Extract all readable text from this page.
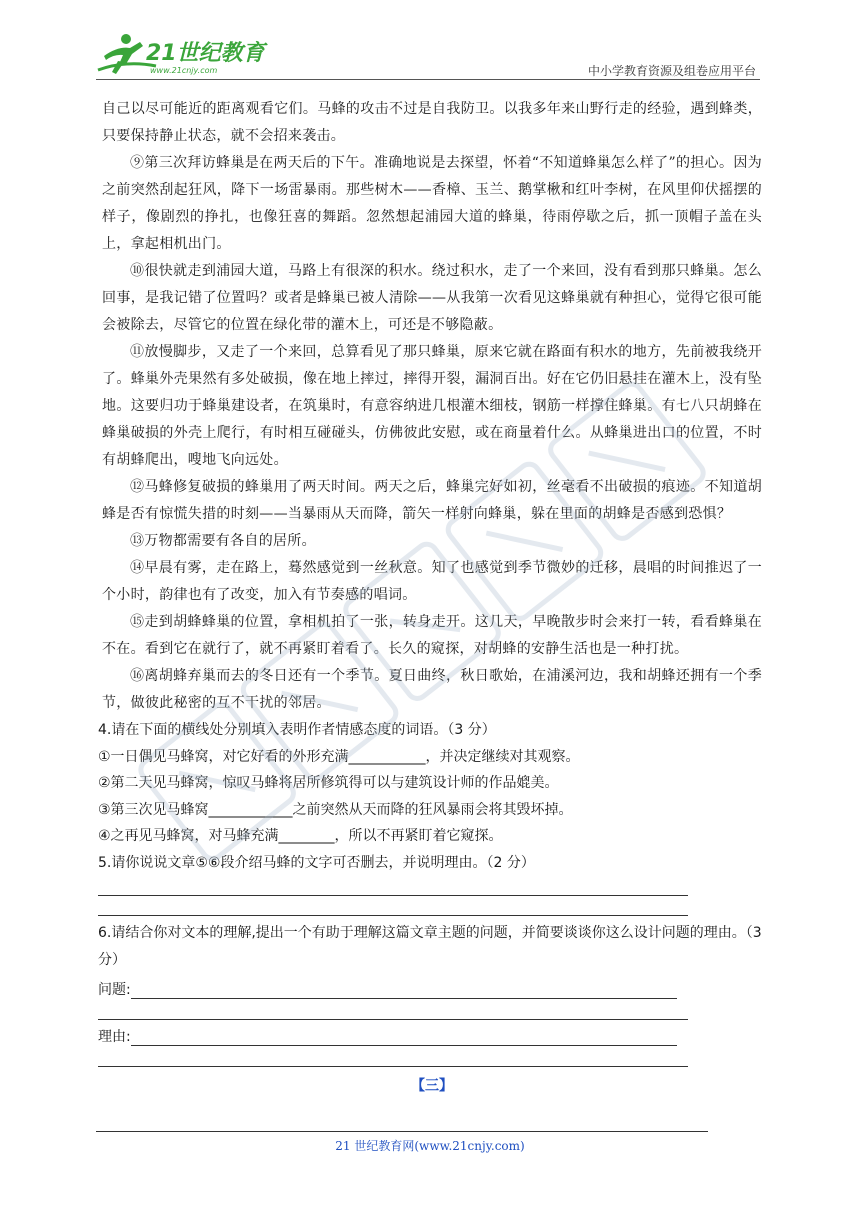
21世纪教育
www.21cnjy.com	中小学教育资源及组卷应用平台

自己以尽可能近的距离观看它们。马蜂的攻击不过是自我防卫。以我多年来山野行走的经验，遇到蜂类，只要保持静止状态，就不会招来袭击。

⑨第三次拜访蜂巢是在两天后的下午。准确地说是去探望，怀着“不知道蜂巢怎么样了”的担心。因为之前突然刮起狂风，降下一场雷暴雨。那些树木——香樟、玉兰、鹅掌楸和红叶李树，在风里仰伏摇摆的样子，像剧烈的挣扎，也像狂喜的舞蹈。忽然想起浦园大道的蜂巢，待雨停歇之后，抓一顶帽子盖在头上，拿起相机出门。

⑩很快就走到浦园大道，马路上有很深的积水。绕过积水，走了一个来回，没有看到那只蜂巢。怎么回事，是我记错了位置吗？或者是蜂巢已被人清除——从我第一次看见这蜂巢就有种担心，觉得它很可能会被除去，尽管它的位置在绿化带的灌木上，可还是不够隐蔽。

⑪放慢脚步，又走了一个来回，总算看见了那只蜂巢，原来它就在路面有积水的地方，先前被我绕开了。蜂巢外壳果然有多处破损，像在地上摔过，摔得开裂，漏洞百出。好在它仍旧悬挂在灌木上，没有坠地。这要归功于蜂巢建设者，在筑巢时，有意容纳进几根灌木细枝，钢筋一样撑住蜂巢。有七八只胡蜂在蜂巢破损的外壳上爬行，有时相互碰碰头，仿佛彼此安慰，或在商量着什么。从蜂巢进出口的位置，不时有胡蜂爬出，嗖地飞向远处。

⑫马蜂修复破损的蜂巢用了两天时间。两天之后，蜂巢完好如初，丝毫看不出破损的痕迹。不知道胡蜂是否有惊慌失措的时刻——当暴雨从天而降，箭矢一样射向蜂巢，躲在里面的胡蜂是否感到恐惧？

⑬万物都需要有各自的居所。

⑭早晨有雾，走在路上，蓦然感觉到一丝秋意。知了也感觉到季节微妙的迁移，晨唱的时间推迟了一个小时，韵律也有了改变，加入有节奏感的唱词。

⑮走到胡蜂蜂巢的位置，拿相机拍了一张，转身走开。这几天，早晚散步时会来打一转，看看蜂巢在不在。看到它在就行了，就不再紧盯着看了。长久的窥探，对胡蜂的安静生活也是一种打扰。

⑯离胡蜂弃巢而去的冬日还有一个季节。夏日曲终，秋日歌始，在浦溪河边，我和胡蜂还拥有一个季节，做彼此秘密的互不干扰的邻居。

4.请在下面的横线处分别填入表明作者情感态度的词语。（3 分）

①一日偶见马蜂窝，对它好看的外形充满___________，并决定继续对其观察。

②第二天见马蜂窝，惊叹马蜂将居所修筑得可以与建筑设计师的作品媲美。

③第三次见马蜂窝____________之前突然从天而降的狂风暴雨会将其毁坏掉。

④之再见马蜂窝，对马蜂充满________，所以不再紧盯着它窥探。

5.请你说说文章⑤⑥段介绍马蜂的文字可否删去，并说明理由。（2 分）

6.请结合你对文本的理解,提出一个有助于理解这篇文章主题的问题，并简要谈谈你这么设计问题的理由。（3 分）

问题:
理由:
【三】
21 世纪教育网(www.21cnjy.com)
